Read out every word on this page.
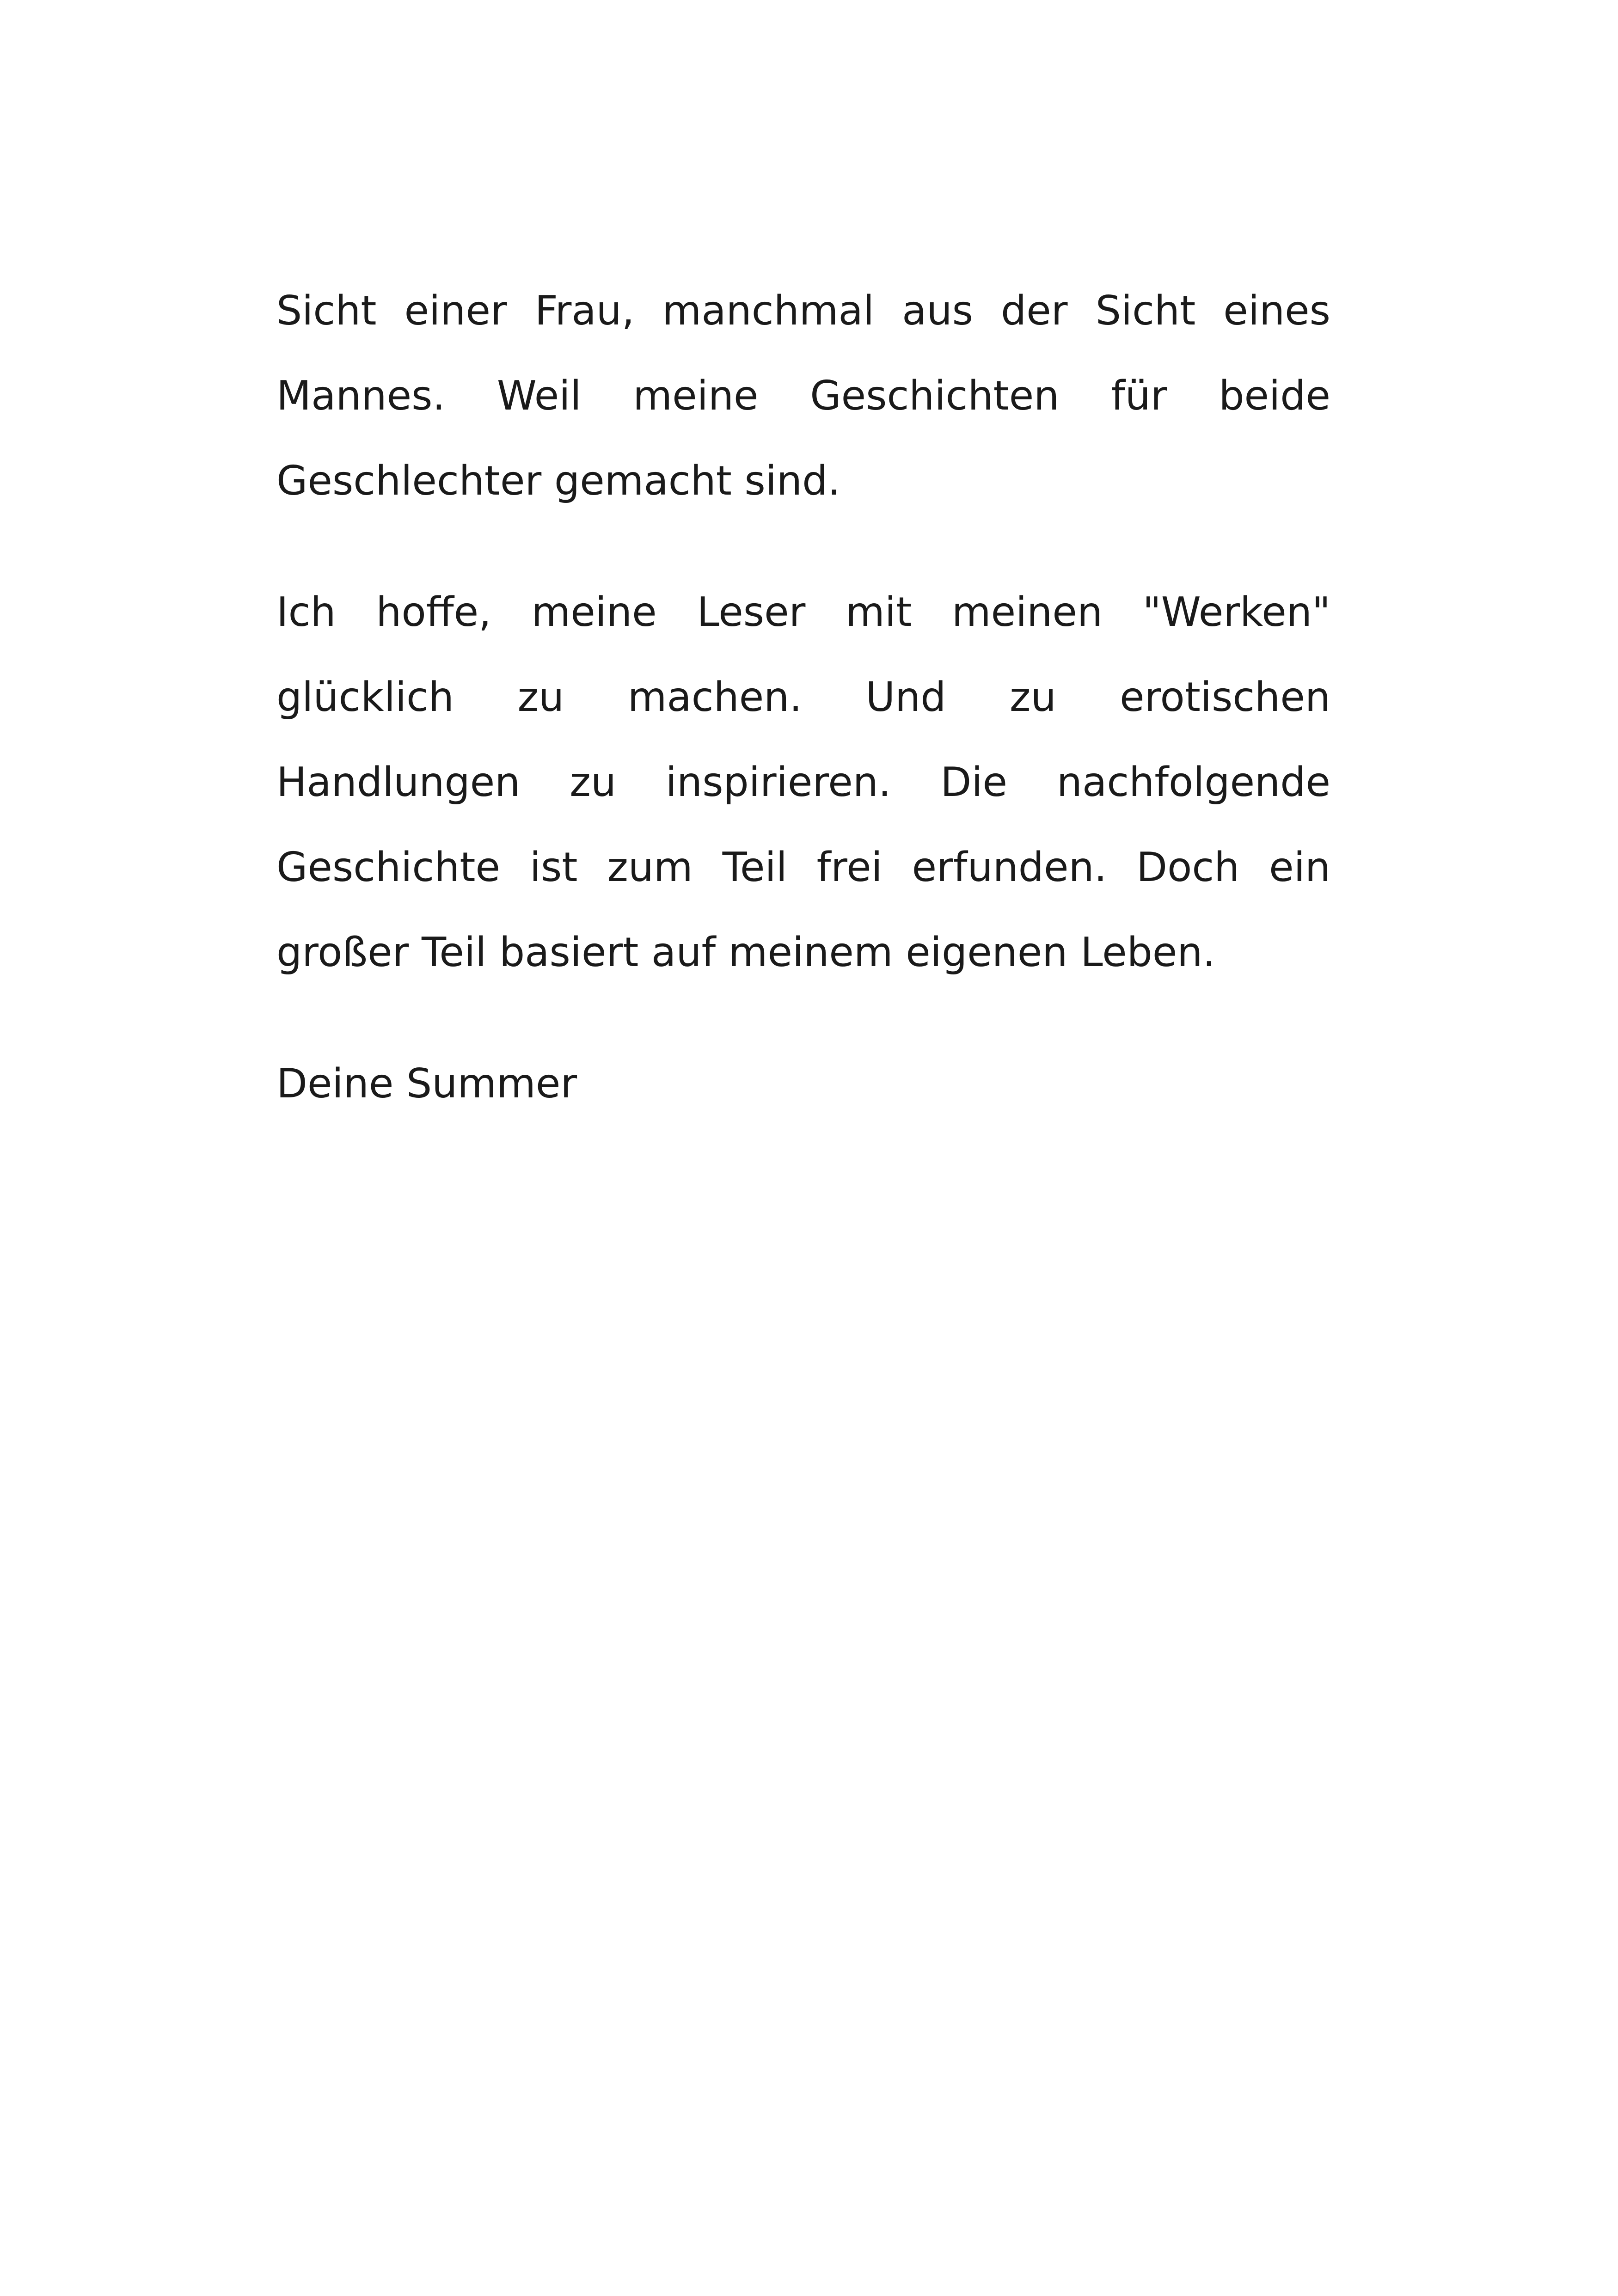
Sicht einer Frau, manchmal aus der Sicht eines
Mannes. Weil meine Geschichten für beide
Geschlechter gemacht sind.

Ich hoffe, meine Leser mit meinen "Werken"
glücklich zu machen. Und zu erotischen
Handlungen zu inspirieren. Die nachfolgende
Geschichte ist zum Teil frei erfunden. Doch ein
großer Teil basiert auf meinem eigenen Leben.

Deine Summer
